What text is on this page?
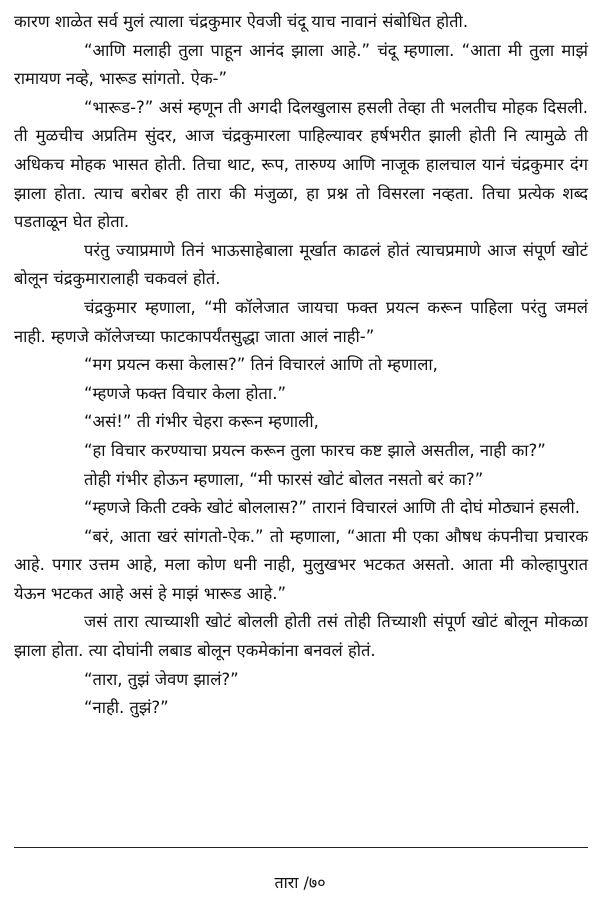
कारण शाळेत सर्व मुलं त्याला चंद्रकुमार ऐवजी चंदू याच नावानं संबोधित होती.

“आणि मलाही तुला पाहून आनंद झाला आहे.” चंदू म्हणाला. “आता मी तुला माझं रामायण नव्हे, भारूड सांगतो. ऐक-”

“भारूड-?” असं म्हणून ती अगदी दिलखुलास हसली तेव्हा ती भलतीच मोहक दिसली. ती मुळचीच अप्रतिम सुंदर, आज चंद्रकुमारला पाहिल्यावर हर्षभरीत झाली होती नि त्यामुळे ती अधिकच मोहक भासत होती. तिचा थाट, रूप, तारुण्य आणि नाजूक हालचाल यानं चंद्रकुमार दंग झाला होता. त्याच बरोबर ही तारा की मंजुळा, हा प्रश्न तो विसरला नव्हता. तिचा प्रत्येक शब्द पडताळून घेत होता.

परंतु ज्याप्रमाणे तिनं भाऊसाहेबाला मूर्खात काढलं होतं त्याचप्रमाणे आज संपूर्ण खोटं बोलून चंद्रकुमारालाही चकवलं होतं.

चंद्रकुमार म्हणाला, “मी कॉलेजात जायचा फक्त प्रयत्न करून पाहिला परंतु जमलं नाही. म्हणजे कॉलेजच्या फाटकापर्यंतसुद्धा जाता आलं नाही-”

“मग प्रयत्न कसा केलास?” तिनं विचारलं आणि तो म्हणाला,

“म्हणजे फक्त विचार केला होता.”

“असं!” ती गंभीर चेहरा करून म्हणाली,

“हा विचार करण्याचा प्रयत्न करून तुला फारच कष्ट झाले असतील, नाही का?”

तोही गंभीर होऊन म्हणाला, “मी फारसं खोटं बोलत नसतो बरं का?”

“म्हणजे किती टक्के खोटं बोललास?” तारानं विचारलं आणि ती दोघं मोठ्यानं हसली.

“बरं, आता खरं सांगतो-ऐक.” तो म्हणाला, “आता मी एका औषध कंपनीचा प्रचारक आहे. पगार उत्तम आहे, मला कोण धनी नाही, मुलुखभर भटकत असतो. आता मी कोल्हापुरात येऊन भटकत आहे असं हे माझं भारूड आहे.”

जसं तारा त्याच्याशी खोटं बोलली होती तसं तोही तिच्याशी संपूर्ण खोटं बोलून मोकळा झाला होता. त्या दोघांनी लबाड बोलून एकमेकांना बनवलं होतं.

“तारा, तुझं जेवण झालं?”

“नाही. तुझं?”

तारा /७०
